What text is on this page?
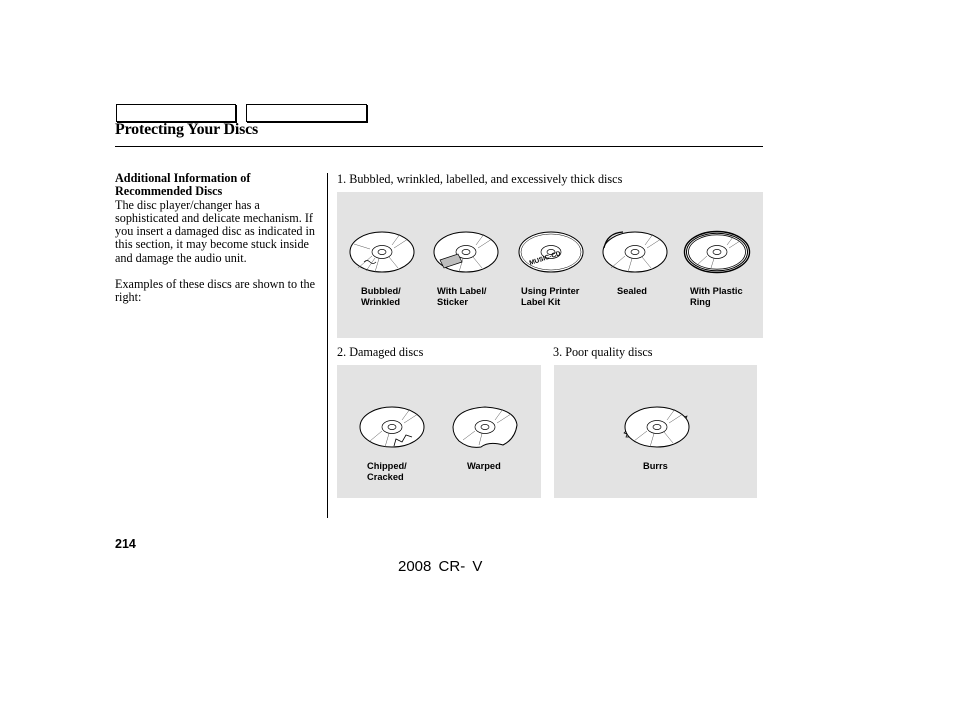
Protecting Your Discs

Additional Information of Recommended Discs

The disc player/changer has a sophisticated and delicate mechanism. If you insert a damaged disc as indicated in this section, it may become stuck inside and damage the audio unit.

Examples of these discs are shown to the right:

1. Bubbled, wrinkled, labelled, and excessively thick discs
2. Damaged discs	3. Poor quality discs
Bubbled/
Wrinkled
With Label/
Sticker
MUSIC-CD
Using Printer
Label Kit
Sealed	With Plastic
Ring
Chipped/
Cracked
Warped	Burrs
214
2008 CR- V
